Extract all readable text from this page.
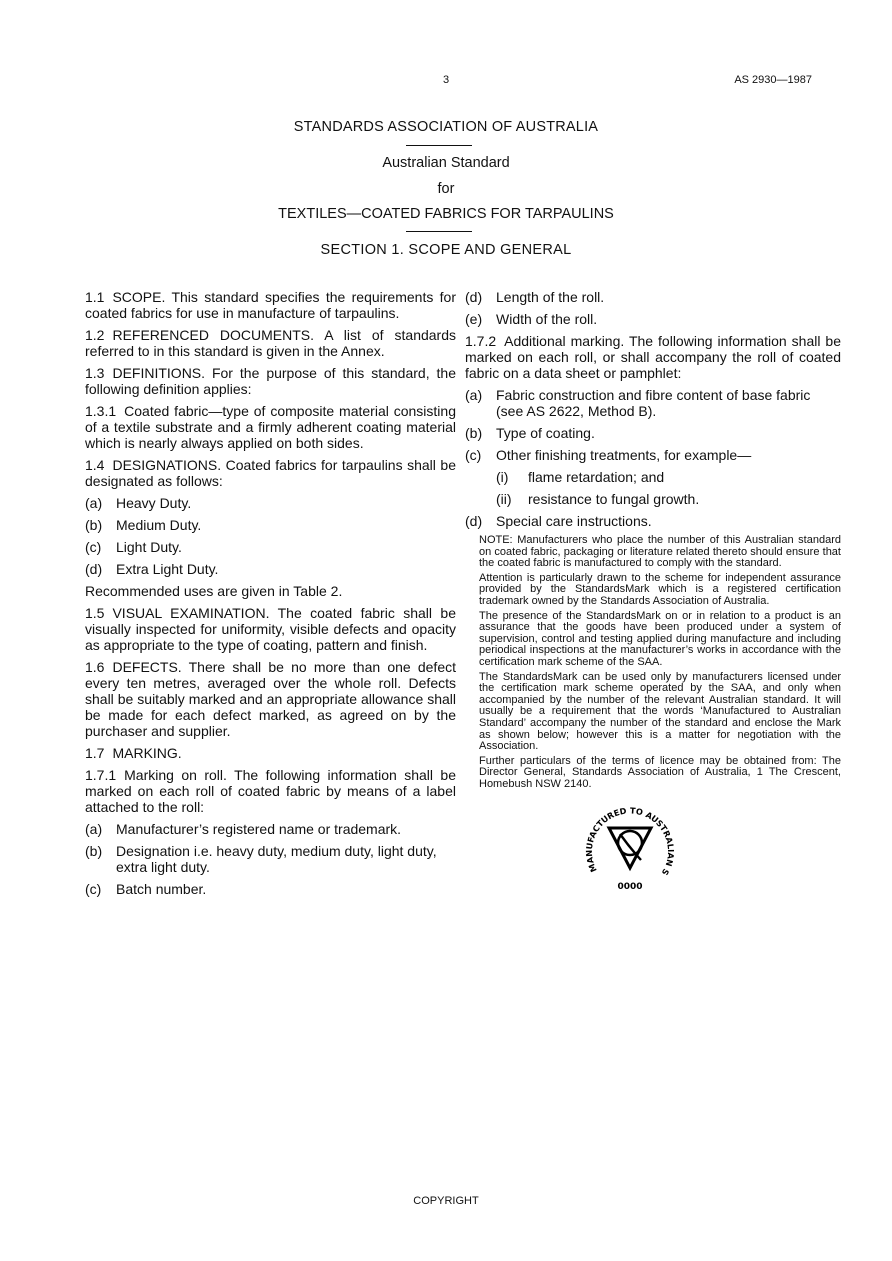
3	AS 2930—1987
STANDARDS ASSOCIATION OF AUSTRALIA
Australian Standard
for
TEXTILES—COATED FABRICS FOR TARPAULINS
SECTION 1. SCOPE AND GENERAL

1.1 SCOPE. This standard specifies the requirements for coated fabrics for use in manufacture of tarpaulins.

1.2 REFERENCED DOCUMENTS. A list of standards referred to in this standard is given in the Annex.

1.3 DEFINITIONS. For the purpose of this standard, the following definition applies:

1.3.1 Coated fabric—type of composite material consisting of a textile substrate and a firmly adherent coating material which is nearly always applied on both sides.

1.4 DESIGNATIONS. Coated fabrics for tarpaulins shall be designated as follows:

(a) Heavy Duty.
(b) Medium Duty.
(c)	Light Duty.
(d) Extra Light Duty.

Recommended uses are given in Table 2.

1.5 VISUAL EXAMINATION. The coated fabric shall be visually inspected for uniformity, visible defects and opacity as appropriate to the type of coating, pattern and finish.

1.6 DEFECTS. There shall be no more than one defect every ten metres, averaged over the whole roll. Defects shall be suitably marked and an appropriate allowance shall be made for each defect marked, as agreed on by the purchaser and supplier.

1.7 MARKING.

1.7.1 Marking on roll. The following information shall be marked on each roll of coated fabric by means of a label attached to the roll:

(a) Manufacturer’s registered name or trademark.
(b) Designation i.e. heavy duty, medium duty, light duty, extra light duty.
(c)	Batch number.
(d) Length of the roll.
(e) Width of the roll.

1.7.2 Additional marking. The following information shall be marked on each roll, or shall accompany the roll of coated fabric on a data sheet or pamphlet:

(a) Fabric construction and fibre content of base fabric (see AS 2622, Method B).
(b) Type of coating.
(c)	Other finishing treatments, for example—
(i)	flame retardation; and
(ii)	resistance to fungal growth.
(d) Special care instructions.

NOTE: Manufacturers who place the number of this Australian standard on coated fabric, packaging or literature related thereto should ensure that the coated fabric is manufactured to comply with the standard.

Attention is particularly drawn to the scheme for independent assurance provided by the StandardsMark which is a registered certification trademark owned by the Standards Association of Australia.

The presence of the StandardsMark on or in relation to a product is an assurance that the goods have been produced under a system of supervision, control and testing applied during manufacture and including periodical inspections at the manufacturer’s works in accordance with the certification mark scheme of the SAA.

The StandardsMark can be used only by manufacturers licensed under the certification mark scheme operated by the SAA, and only when accompanied by the number of the relevant Australian standard. It will usually be a requirement that the words ‘Manufactured to Australian Standard’ accompany the number of the standard and enclose the Mark as shown below; however this is a matter for negotiation with the Association.

Further particulars of the terms of licence may be obtained from: The Director General, Standards Association of Australia, 1 The Crescent, Homebush NSW 2140.

MANUFACTURED TO AUSTRALIAN S
0000
COPYRIGHT
